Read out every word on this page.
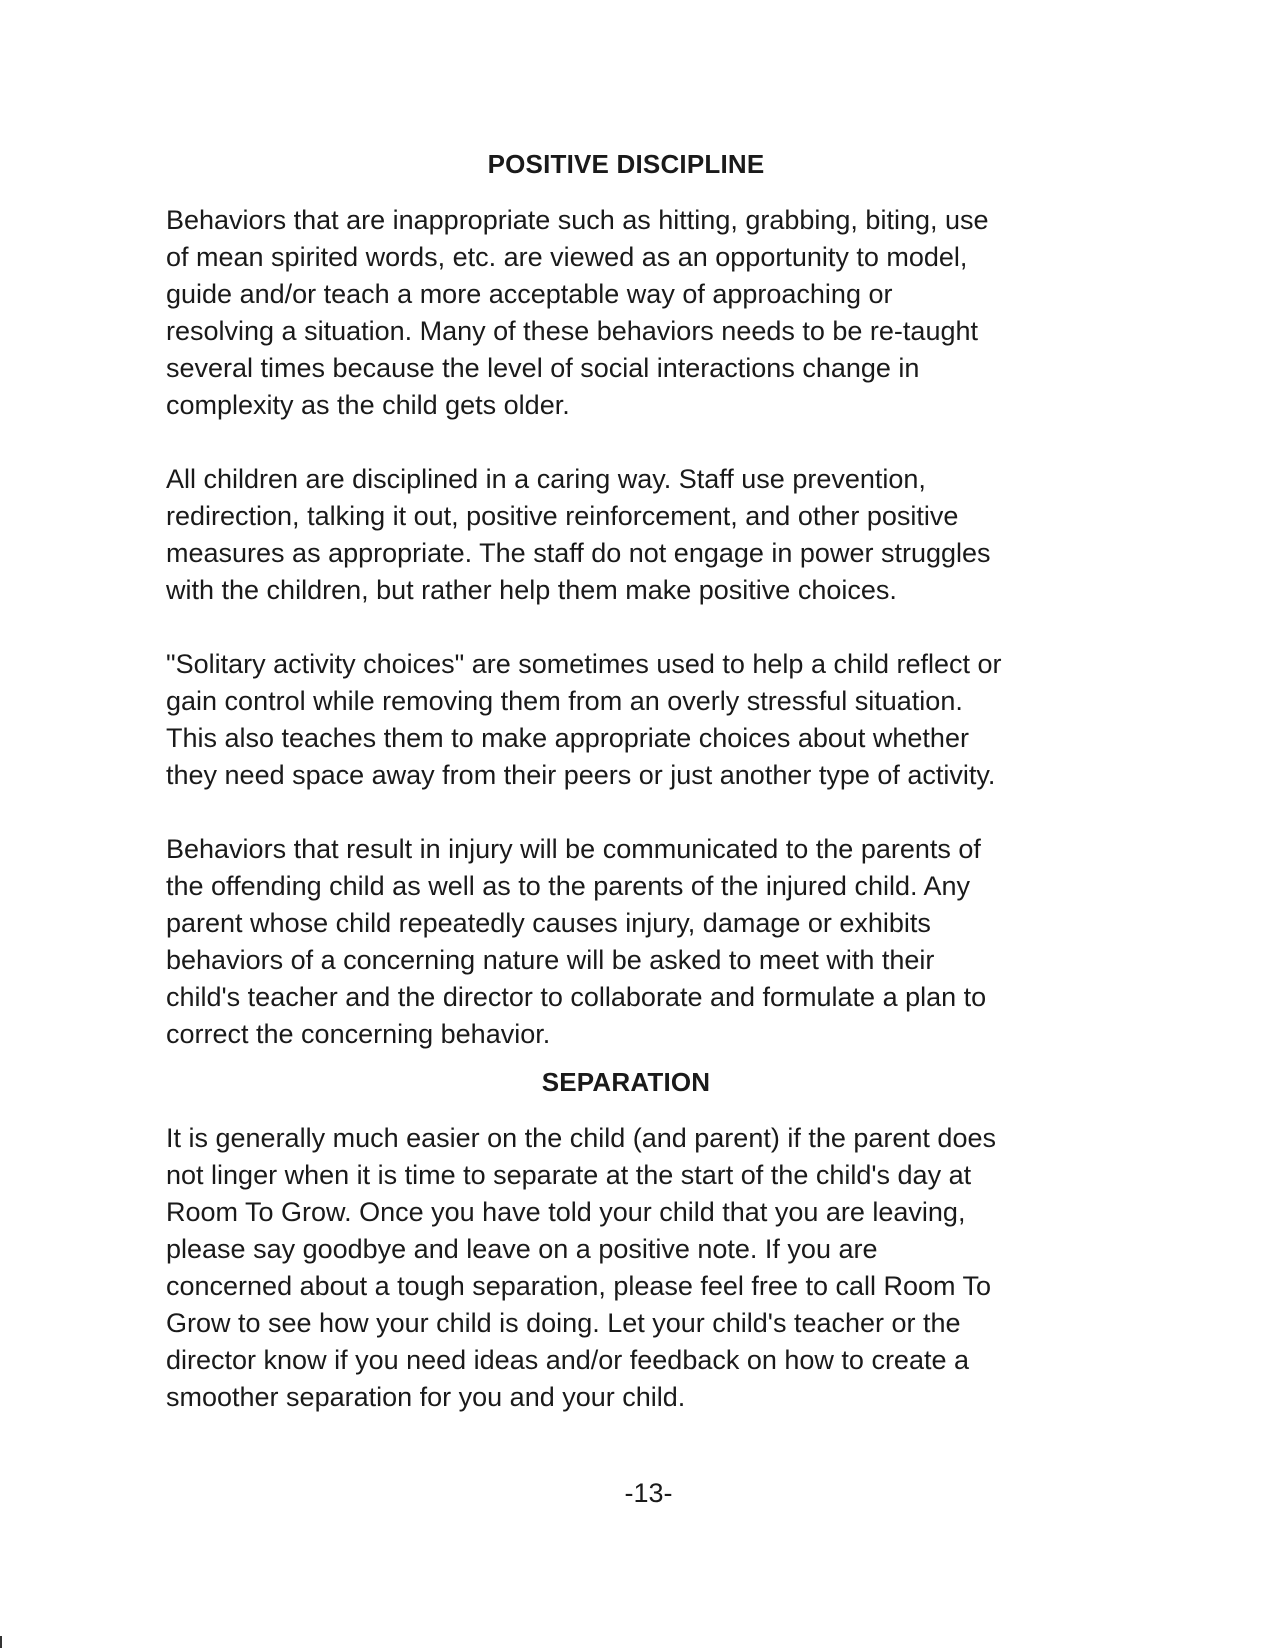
POSITIVE DISCIPLINE

Behaviors that are inappropriate such as hitting, grabbing, biting, use
of mean spirited words, etc. are viewed as an opportunity to model,
guide and/or teach a more acceptable way of approaching or
resolving a situation. Many of these behaviors needs to be re-taught
several times because the level of social interactions change in
complexity as the child gets older.

All children are disciplined in a caring way. Staff use prevention,
redirection, talking it out, positive reinforcement, and other positive
measures as appropriate. The staff do not engage in power struggles
with the children, but rather help them make positive choices.

"Solitary activity choices" are sometimes used to help a child reflect or
gain control while removing them from an overly stressful situation.
This also teaches them to make appropriate choices about whether
they need space away from their peers or just another type of activity.

Behaviors that result in injury will be communicated to the parents of
the offending child as well as to the parents of the injured child. Any
parent whose child repeatedly causes injury, damage or exhibits
behaviors of a concerning nature will be asked to meet with their
child's teacher and the director to collaborate and formulate a plan to
correct the concerning behavior.

SEPARATION

It is generally much easier on the child (and parent) if the parent does
not linger when it is time to separate at the start of the child's day at
Room To Grow. Once you have told your child that you are leaving,
please say goodbye and leave on a positive note. If you are
concerned about a tough separation, please feel free to call Room To
Grow to see how your child is doing. Let your child's teacher or the
director know if you need ideas and/or feedback on how to create a
smoother separation for you and your child.

-13-
